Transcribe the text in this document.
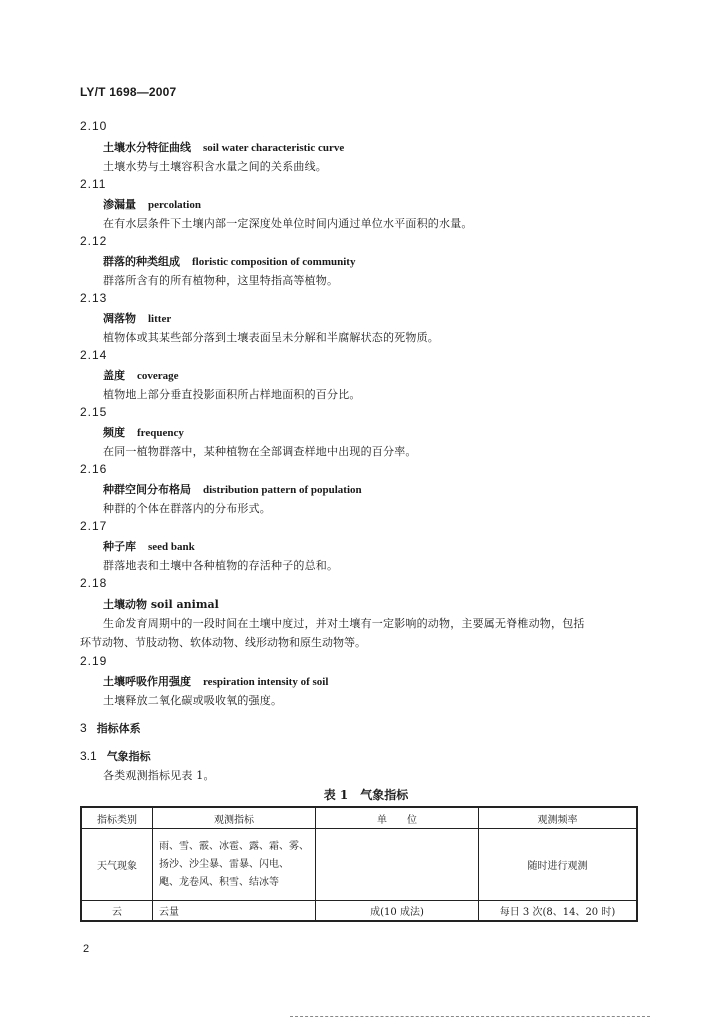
LY/T 1698—2007
2.10
土壤水分特征曲线 soil water characteristic curve
土壤水势与土壤容积含水量之间的关系曲线。
2.11
渗漏量 percolation
在有水层条件下土壤内部一定深度处单位时间内通过单位水平面积的水量。
2.12
群落的种类组成 floristic composition of community
群落所含有的所有植物种，这里特指高等植物。
2.13
凋落物 litter
植物体或其某些部分落到土壤表面呈未分解和半腐解状态的死物质。
2.14
盖度 coverage
植物地上部分垂直投影面积所占样地面积的百分比。
2.15
频度 frequency
在同一植物群落中，某种植物在全部调查样地中出现的百分率。
2.16
种群空间分布格局 distribution pattern of population
种群的个体在群落内的分布形式。
2.17
种子库 seed bank
群落地表和土壤中各种植物的存活种子的总和。
2.18
土壤动物 soil animal
生命发育周期中的一段时间在土壤中度过，并对土壤有一定影响的动物，主要属无脊椎动物，包括
环节动物、节肢动物、软体动物、线形动物和原生动物等。
2.19
土壤呼吸作用强度 respiration intensity of soil
土壤释放二氧化碳或吸收氧的强度。
3 指标体系
3.1 气象指标
各类观测指标见表 1。
表 1 气象指标
指标类别	观测指标	单　　位	观测频率
天气现象	雨、雪、霰、冰雹、露、霜、雾、
扬沙、沙尘暴、雷暴、闪电、
飑、龙卷风、积雪、结冰等		随时进行观测
云	云量	成(10 成法)	每日 3 次(8、14、20 时)
2
